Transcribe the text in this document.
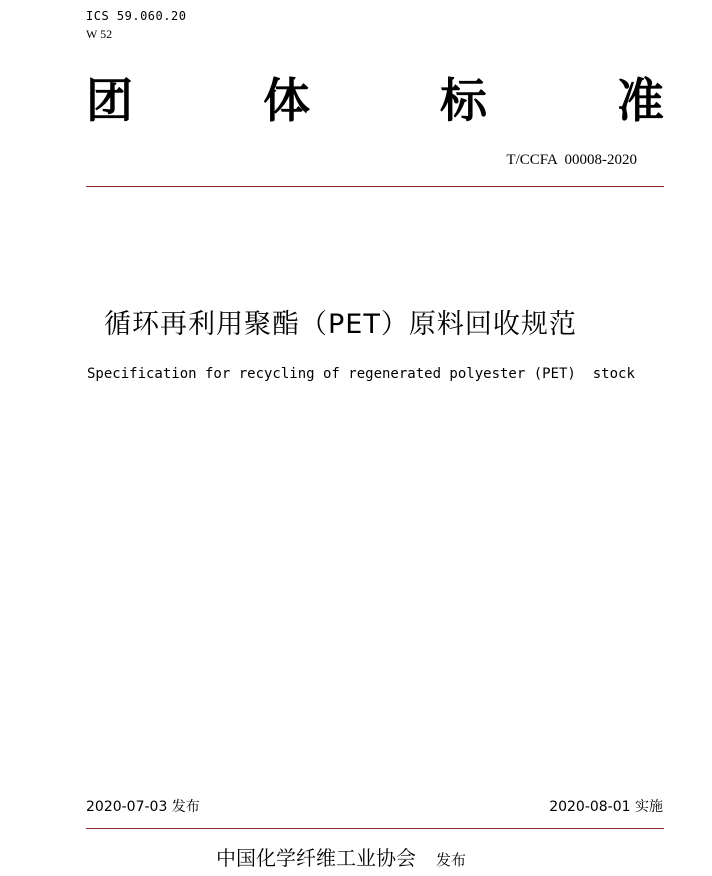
ICS 59.060.20
W 52
团	体	标	准
T/CCFA  00008-2020
循环再利用聚酯（PET）原料回收规范
Specification for recycling of regenerated polyester (PET)  stock
2020-07-03 发布	2020-08-01 实施
中国化学纤维工业协会 发布
